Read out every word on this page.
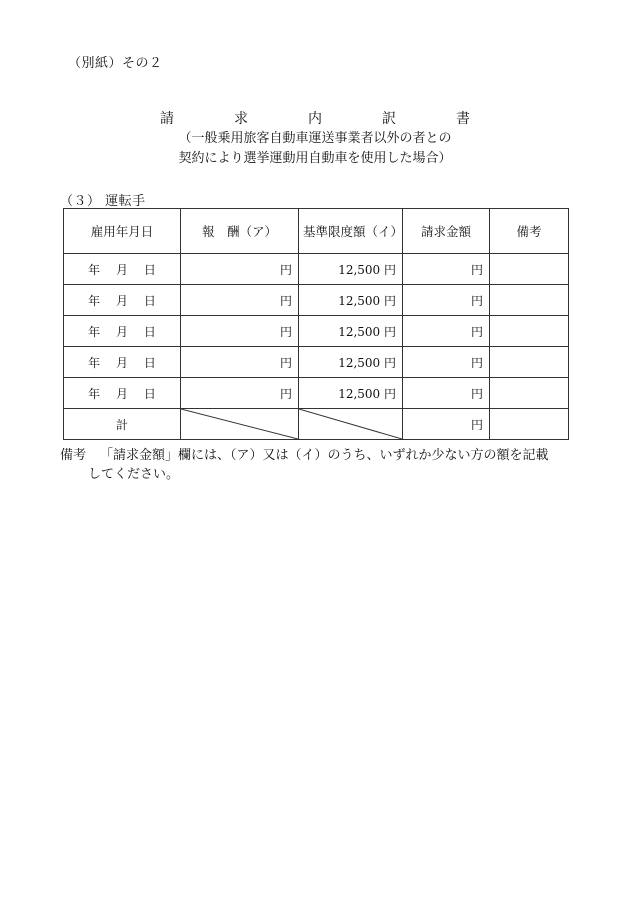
（別紙）その２
請	求	内	訳	書
（一般乗用旅客自動車運送事業者以外の者との
契約により選挙運動用自動車を使用した場合）
（３） 運転手
雇用年月日	報　酬（ア）	基準限度額（イ）	請求金額	備考
年 月 日	円	12,500 円	円	
年 月 日	円	12,500 円	円	
年 月 日	円	12,500 円	円	
年 月 日	円	12,500 円	円	
年 月 日	円	12,500 円	円	
計			円	
備考 「請求金額」欄には、（ア）又は（イ）のうち、いずれか少ない方の額を記載
してください。
